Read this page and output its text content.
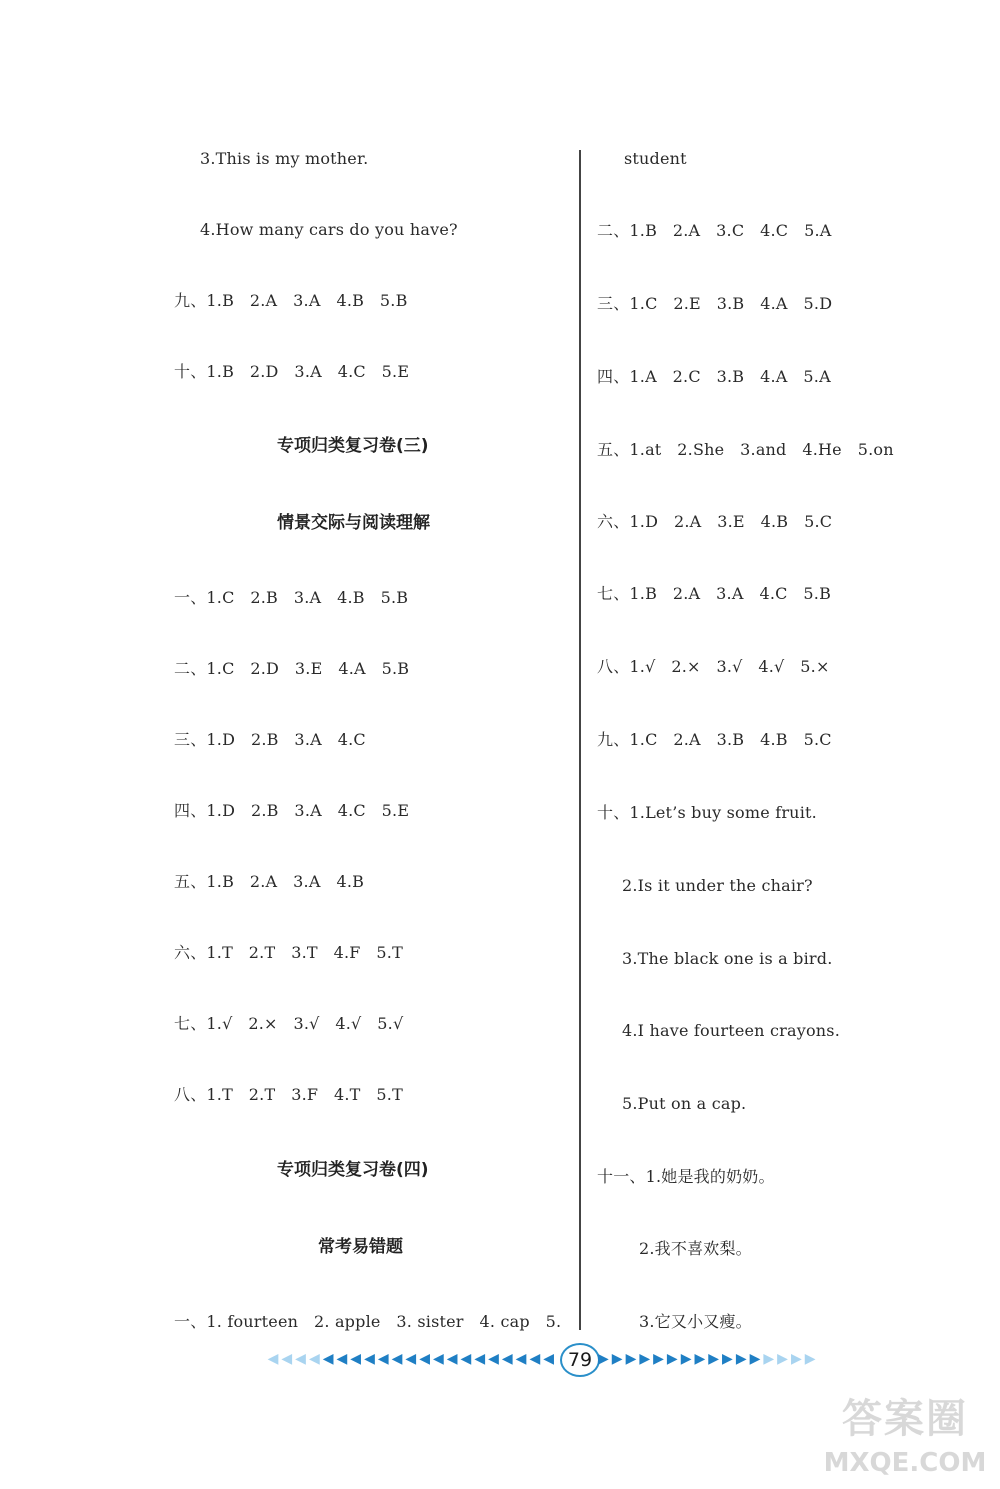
3.This is my mother.
4.How many cars do you have?
九、1.B   2.A   3.A   4.B   5.B
十、1.B   2.D   3.A   4.C   5.E
专项归类复习卷(三)
情景交际与阅读理解
一、1.C   2.B   3.A   4.B   5.B
二、1.C   2.D   3.E   4.A   5.B
三、1.D   2.B   3.A   4.C
四、1.D   2.B   3.A   4.C   5.E
五、1.B   2.A   3.A   4.B
六、1.T   2.T   3.T   4.F   5.T
七、1.√   2.×   3.√   4.√   5.√
八、1.T   2.T   3.F   4.T   5.T
专项归类复习卷(四)
常考易错题
一、1. fourteen   2. apple   3. sister   4. cap   5.
student
二、1.B   2.A   3.C   4.C   5.A
三、1.C   2.E   3.B   4.A   5.D
四、1.A   2.C   3.B   4.A   5.A
五、1.at   2.She   3.and   4.He   5.on
六、1.D   2.A   3.E   4.B   5.C
七、1.B   2.A   3.A   4.C   5.B
八、1.√   2.×   3.√   4.√   5.×
九、1.C   2.A   3.B   4.B   5.C
十、1.Let’s buy some fruit.
2.Is it under the chair?
3.The black one is a bird.
4.I have fourteen crayons.
5.Put on a cap.
十一、1.她是我的奶奶。
2.我不喜欢梨。
3.它又小又瘦。
◀◀◀◀◀◀◀◀◀◀◀◀◀◀◀◀◀◀◀◀◀ 79 ▶▶▶▶▶▶▶▶▶▶▶▶▶▶▶▶
答案圈
MXQE.COM
